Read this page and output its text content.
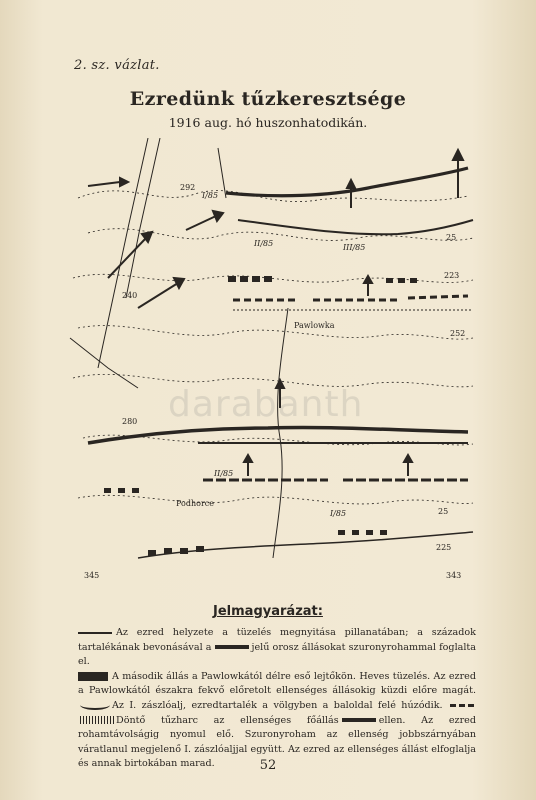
2. sz. vázlat.
Ezredünk tűzkeresztsége
1916 aug. hó huszonhatodikán.
292
I/85
II/85	III/85
25
223
240
Pawlowka
252
280
II/85
Podhorce
I/85	25
225
345	343
darabanth
Jelmagyarázat:

Az ezred helyzete a tüzelés megnyitása pillanatában; a századok tartalékának bevonásával a	jelű orosz állásokat szuronyrohammal foglalta el.

A második állás a Pawlowkától délre eső lejtőkön. Heves tüzelés. Az ezred a Pawlowkától északra fekvő előretolt ellenséges állásokig küzdi előre magát. Az I. zászlóalj, ezredtartalék a völgyben a baloldal felé húzódik. Döntő tűzharc az ellenséges főállás	ellen. Az ezred rohamtávolságig nyomul elő. Szuronyroham az ellenség jobbszárnyában váratlanul megjelenő I. zászlóaljjal együtt. Az ezred az ellenséges állást elfoglalja és annak birtokában marad.	52
